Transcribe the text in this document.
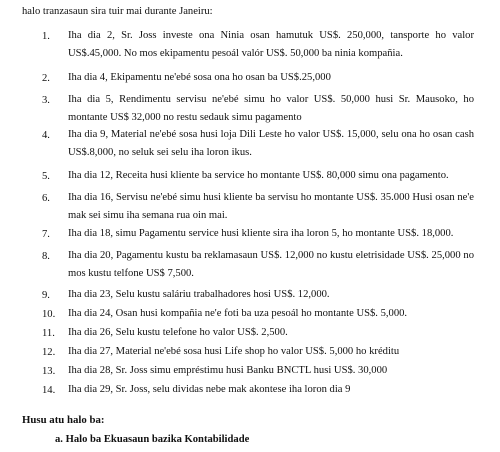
halo tranzasaun sira tuir mai durante Janeiru:
1.	Iha dia 2, Sr. Joss investe ona Ninia osan hamutuk US$. 250,000, tansporte ho valor US$.45,000. No mos ekipamentu pesoál valór US$. 50,000 ba ninia kompañia.
2.	Iha dia 4, Ekipamentu ne'ebé sosa ona ho osan ba US$.25,000
3.	Iha dia 5, Rendimentu servisu ne'ebé simu ho valor US$. 50,000 husi Sr. Mausoko, ho montante US$ 32,000 no restu sedauk simu pagamento
4.	Iha dia 9, Material ne'ebé sosa husi loja Dili Leste ho valor US$. 15,000, selu ona ho osan cash US$.8,000, no seluk sei selu iha loron ikus.
5.	Iha dia 12, Receita husi kliente ba service ho montante US$. 80,000 simu ona pagamento.
6.	Iha dia 16, Servisu ne'ebé simu husi kliente ba servisu ho montante US$. 35.000 Husi osan ne'e mak sei simu iha semana rua oin mai.
7.	Iha dia 18, simu Pagamentu service husi kliente sira iha loron 5, ho montante US$. 18,000.
8.	Iha dia 20, Pagamentu kustu ba reklamasaun US$. 12,000 no kustu eletrisidade US$. 25,000 no mos kustu telfone US$ 7,500.
9.	Iha dia 23, Selu kustu saláriu trabalhadores hosi US$. 12,000.
10.	Iha dia 24, Osan husi kompañia ne'e foti ba uza pesoál ho montante US$. 5,000.
11.	Iha dia 26, Selu kustu telefone ho valor US$. 2,500.
12.	Iha dia 27, Material ne'ebé sosa husi Life shop ho valor US$. 5,000 ho kréditu
13.	Iha dia 28, Sr. Joss simu empréstimu husi Banku BNCTL husi US$. 30,000
14.	Iha dia 29, Sr. Joss, selu dividas nebe mak akontese iha loron dia 9
Husu atu halo ba:
a. Halo ba Ekuasaun bazika Kontabilidade
